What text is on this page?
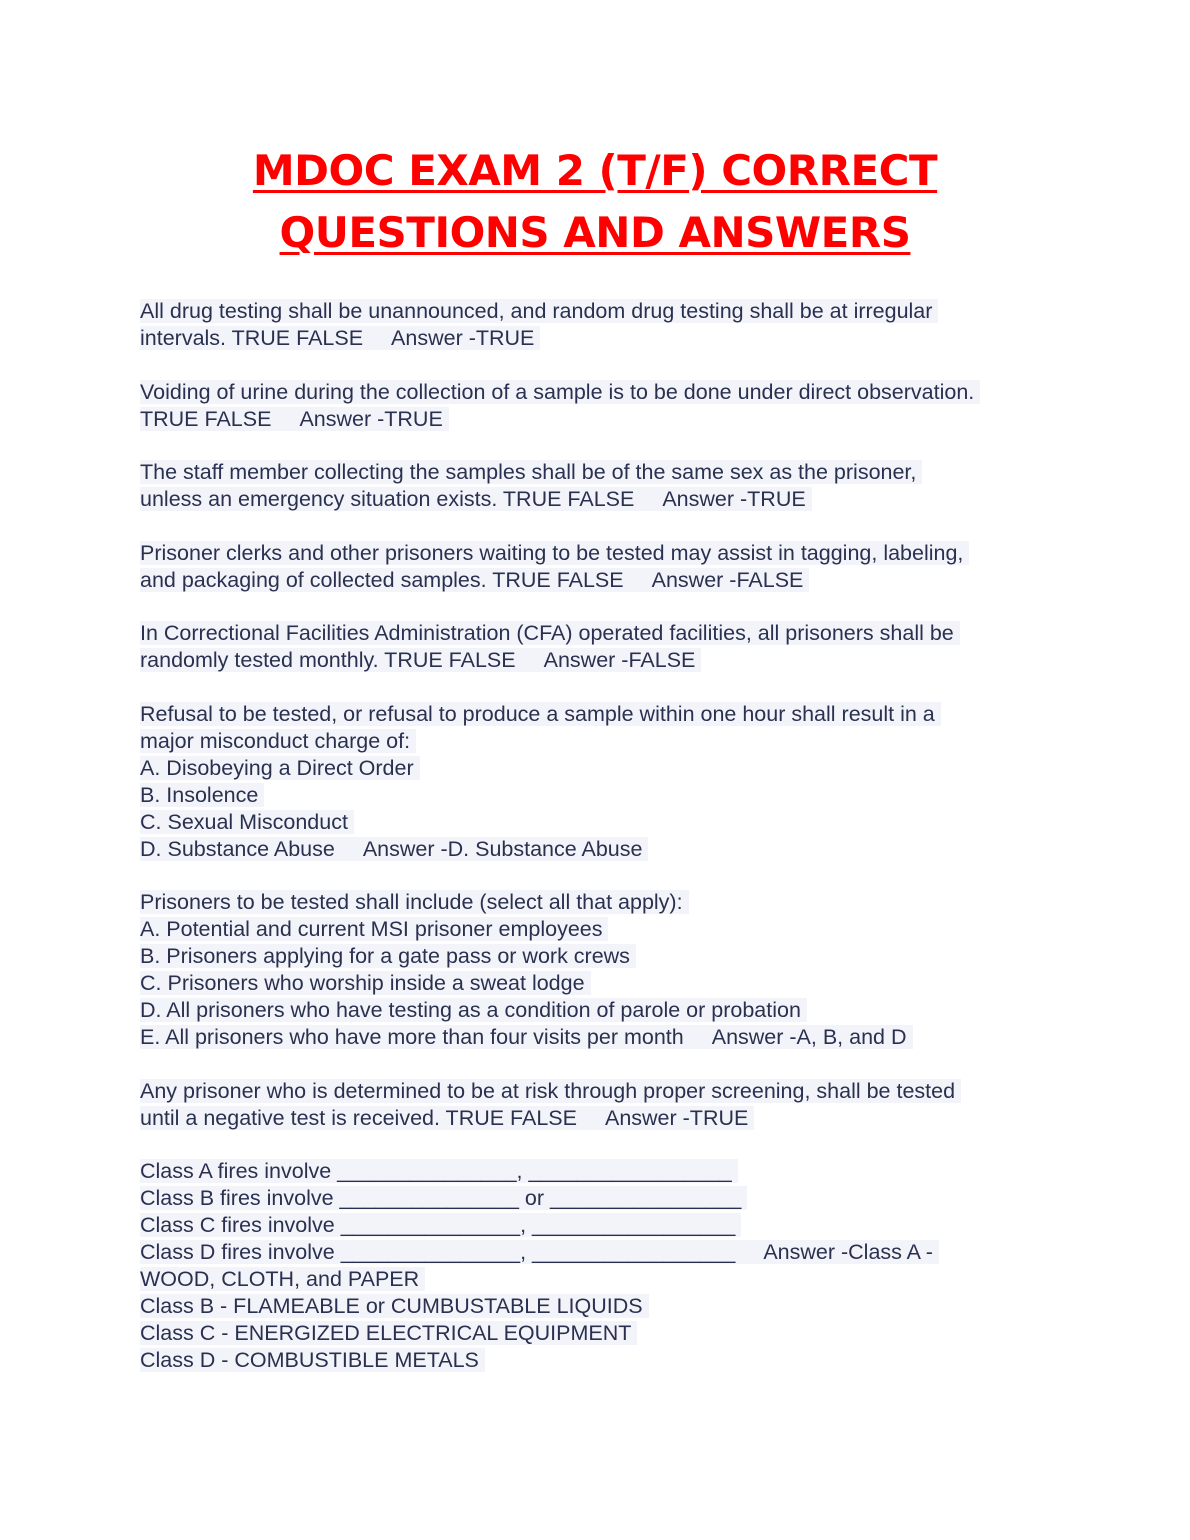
MDOC EXAM 2 (T/F) CORRECT
QUESTIONS AND ANSWERS
All drug testing shall be unannounced, and random drug testing shall be at irregular
intervals. TRUE FALSE Answer -TRUE
Voiding of urine during the collection of a sample is to be done under direct observation.
TRUE FALSE Answer -TRUE
The staff member collecting the samples shall be of the same sex as the prisoner,
unless an emergency situation exists. TRUE FALSE Answer -TRUE
Prisoner clerks and other prisoners waiting to be tested may assist in tagging, labeling,
and packaging of collected samples. TRUE FALSE Answer -FALSE
In Correctional Facilities Administration (CFA) operated facilities, all prisoners shall be
randomly tested monthly. TRUE FALSE Answer -FALSE
Refusal to be tested, or refusal to produce a sample within one hour shall result in a
major misconduct charge of:
A. Disobeying a Direct Order
B. Insolence
C. Sexual Misconduct
D. Substance Abuse Answer -D. Substance Abuse
Prisoners to be tested shall include (select all that apply):
A. Potential and current MSI prisoner employees
B. Prisoners applying for a gate pass or work crews
C. Prisoners who worship inside a sweat lodge
D. All prisoners who have testing as a condition of parole or probation
E. All prisoners who have more than four visits per month Answer -A, B, and D
Any prisoner who is determined to be at risk through proper screening, shall be tested
until a negative test is received. TRUE FALSE Answer -TRUE
Class A fires involve _______________, _________________
Class B fires involve _______________ or ________________
Class C fires involve _______________, _________________
Class D fires involve _______________, _________________ Answer -Class A -
WOOD, CLOTH, and PAPER
Class B - FLAMEABLE or CUMBUSTABLE LIQUIDS
Class C - ENERGIZED ELECTRICAL EQUIPMENT
Class D - COMBUSTIBLE METALS
